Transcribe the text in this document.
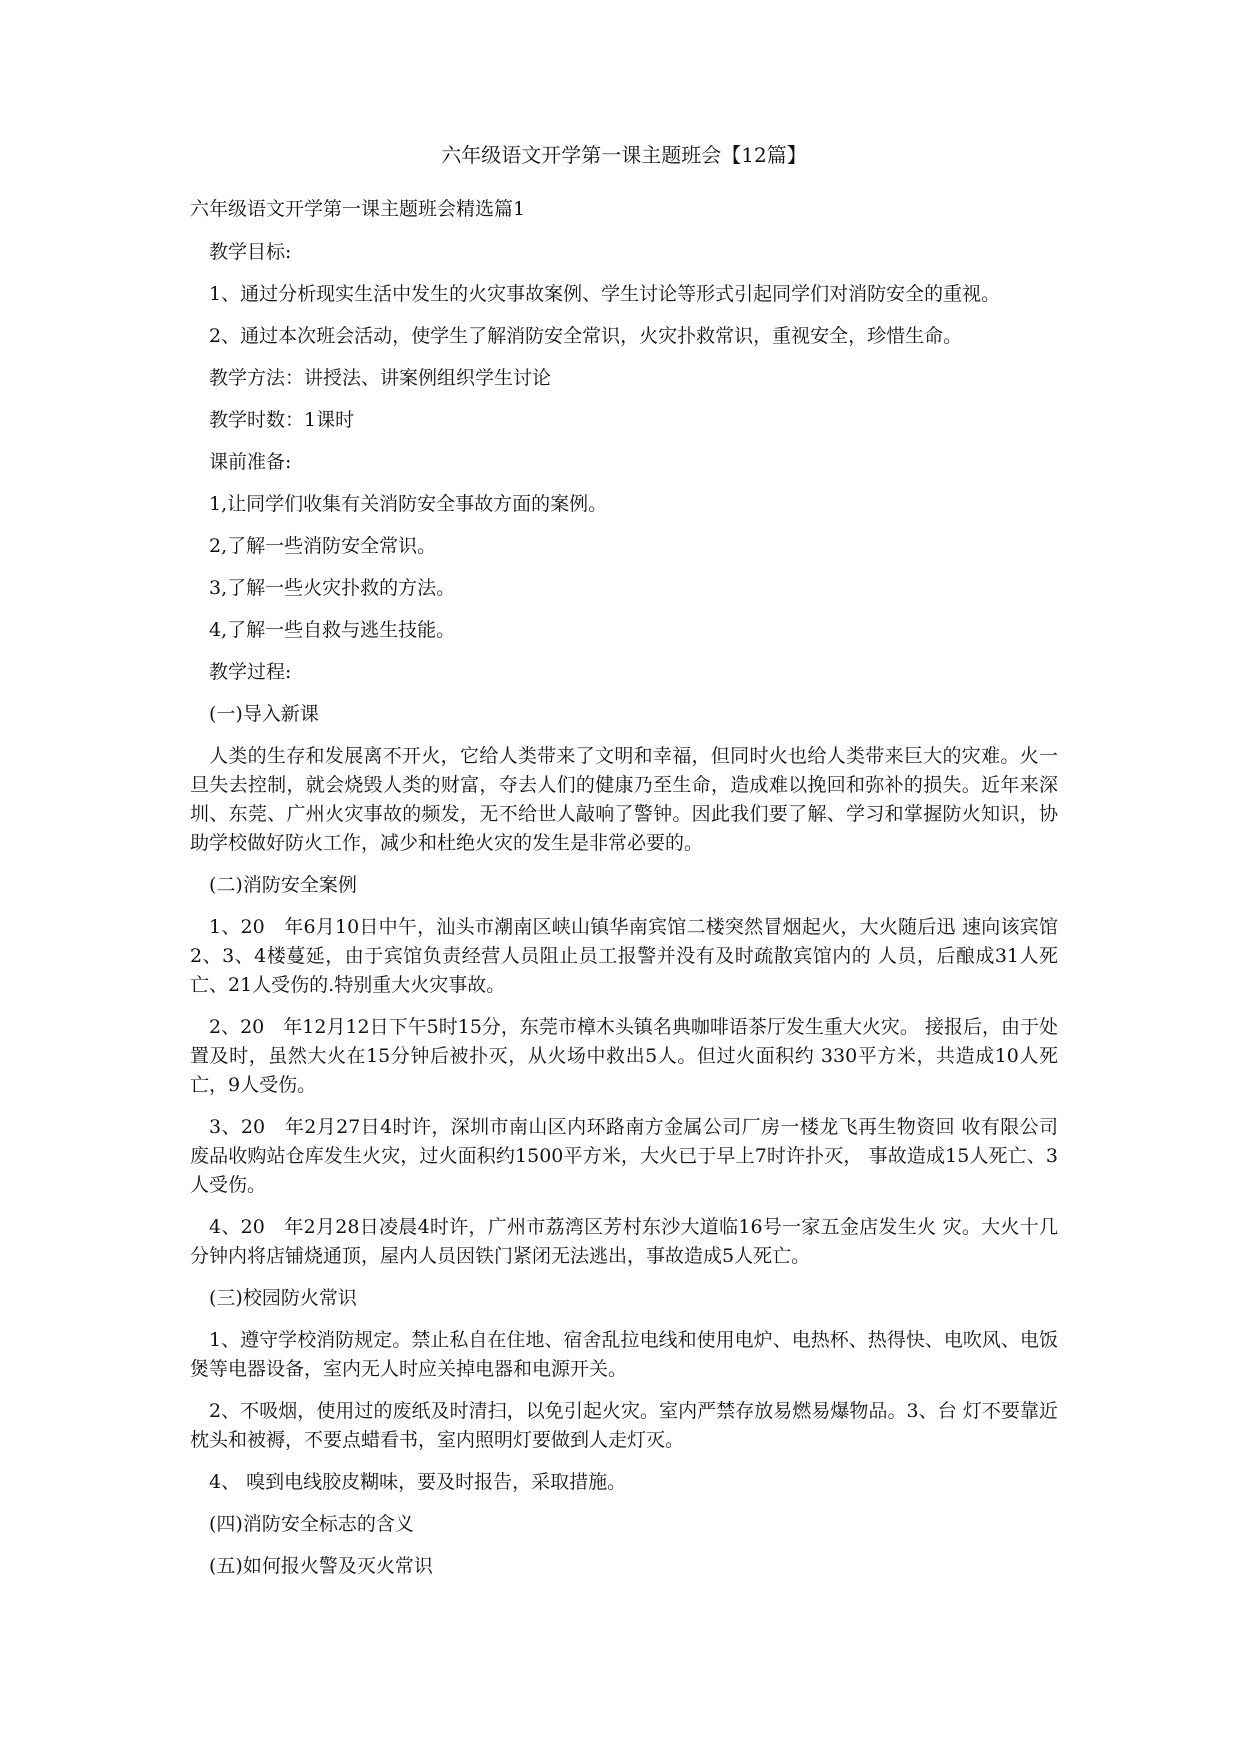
六年级语文开学第一课主题班会【12篇】
六年级语文开学第一课主题班会精选篇1
教学目标:
1、通过分析现实生活中发生的火灾事故案例、学生讨论等形式引起同学们对消防安全的重视。
2、通过本次班会活动，使学生了解消防安全常识，火灾扑救常识，重视安全，珍惜生命。
教学方法：讲授法、讲案例组织学生讨论
教学时数：1课时
课前准备:
1,让同学们收集有关消防安全事故方面的案例。
2,了解一些消防安全常识。
3,了解一些火灾扑救的方法。
4,了解一些自救与逃生技能。
教学过程:
(一)导入新课
人类的生存和发展离不开火，它给人类带来了文明和幸福，但同时火也给人类带来巨大的灾难。火一旦失去控制，就会烧毁人类的财富，夺去人们的健康乃至生命，造成难以挽回和弥补的损失。近年来深圳、东莞、广州火灾事故的频发，无不给世人敲响了警钟。因此我们要了解、学习和掌握防火知识，协助学校做好防火工作，减少和杜绝火灾的发生是非常必要的。
(二)消防安全案例
1、20　年6月10日中午，汕头市潮南区峡山镇华南宾馆二楼突然冒烟起火，大火随后迅 速向该宾馆2、3、4楼蔓延，由于宾馆负责经营人员阻止员工报警并没有及时疏散宾馆内的 人员，后酿成31人死亡、21人受伤的.特别重大火灾事故。
2、20　年12月12日下午5时15分，东莞市樟木头镇名典咖啡语茶厅发生重大火灾。 接报后，由于处置及时，虽然大火在15分钟后被扑灭，从火场中救出5人。但过火面积约 330平方米，共造成10人死亡，9人受伤。
3、20　年2月27日4时许，深圳市南山区内环路南方金属公司厂房一楼龙飞再生物资回 收有限公司废品收购站仓库发生火灾，过火面积约1500平方米，大火已于早上7时许扑灭， 事故造成15人死亡、3人受伤。
4、20　年2月28日凌晨4时许，广州市荔湾区芳村东沙大道临16号一家五金店发生火 灾。大火十几分钟内将店铺烧通顶，屋内人员因铁门紧闭无法逃出，事故造成5人死亡。
(三)校园防火常识
1、遵守学校消防规定。禁止私自在住地、宿舍乱拉电线和使用电炉、电热杯、热得快、电吹风、电饭煲等电器设备，室内无人时应关掉电器和电源开关。
2、不吸烟，使用过的废纸及时清扫，以免引起火灾。室内严禁存放易燃易爆物品。3、台 灯不要靠近枕头和被褥，不要点蜡看书，室内照明灯要做到人走灯灭。
4、 嗅到电线胶皮糊味，要及时报告，采取措施。
(四)消防安全标志的含义
(五)如何报火警及灭火常识
